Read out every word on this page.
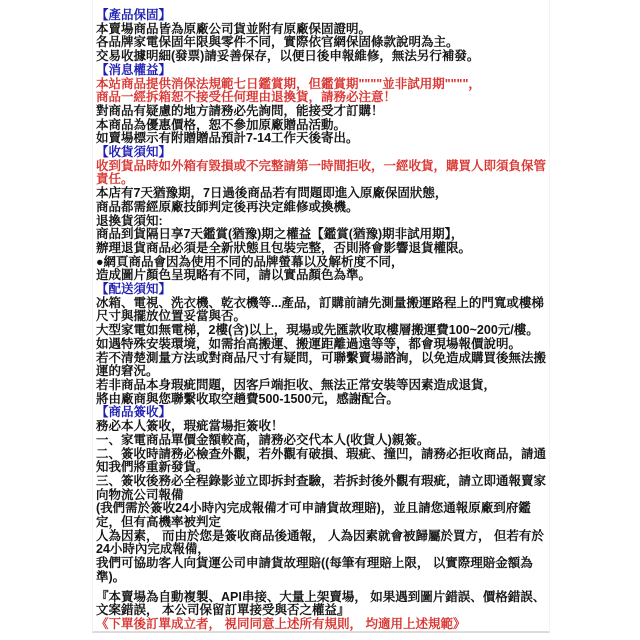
【產品保固】
本賣場商品皆為原廠公司貨並附有原廠保固證明。
各品牌家電保固年限與零件不同，實際依官網保固條款說明為主。
交易收據明細(發票)請妥善保存，以便日後申報維修，無法另行補發。
【消息權益】
本站商品提供消保法規範七日鑑賞期，但鑑賞期""""並非試用期""""，
商品一經拆箱恕不接受任何理由退換貨，請務必注意！
對商品有疑慮的地方請務必先詢問，能接受才訂購！
本商品為優惠價格，恕不參加原廠贈品活動。
如賣場標示有附贈贈品預計7-14工作天後寄出。
【收貨須知】
收到貨品時如外箱有毀損或不完整請第一時間拒收，一經收貨，購買人即須負保管
責任。
本店有7天猶豫期，7日過後商品若有問題即進入原廠保固狀態，
商品都需經原廠技師判定後再決定維修或換機。
退換貨須知:
商品到貨隔日享7天鑑賞(猶豫)期之權益【鑑賞(猶豫)期非試用期】，
辦理退貨商品必須是全新狀態且包裝完整，否則將會影響退貨權限。
●網頁商品會因為使用不同的品牌螢幕以及解析度不同，
造成圖片顏色呈現略有不同，請以實品顏色為準。
【配送須知】
冰箱、電視、洗衣機、乾衣機等...產品，訂購前請先測量搬運路程上的門寬或樓梯
尺寸與擺放位置妥當與否。
大型家電如無電梯，2樓(含)以上，現場或先匯款收取樓層搬運費100~200元/樓。
如遇特殊安裝環境，如需抬高搬運、搬運距離過遠等等，都會現場報價說明。
若不清楚測量方法或對商品尺寸有疑問，可聯繫賣場諮詢，以免造成購買後無法搬
運的窘況。
若非商品本身瑕疵問題，因客戶端拒收、無法正常安裝等因素造成退貨，
將由廠商與您聯繫收取空趟費500-1500元，感謝配合。
【商品簽收】
務必本人簽收，瑕疵當場拒簽收！
一、家電商品單價金額較高，請務必交代本人(收貨人)親簽。
二、簽收時請務必檢查外觀，若外觀有破損、瑕疵、撞凹，請務必拒收商品，請通
知我們將重新發貨。
三、簽收後務必全程錄影並立即拆封查驗，若拆封後外觀有瑕疵，請立即通報賣家
向物流公司報備
(我們需於簽收24小時內完成報備才可申請貨故理賠)，並且請您通報原廠到府鑑
定，但有高機率被判定
人為因素， 而由於您是簽收商品後通報， 人為因素就會被歸屬於買方， 但若有於
24小時內完成報備，
我們可協助客人向貨運公司申請貨故理賠((每筆有理賠上限， 以實際理賠金額為
準)。
『本賣場為自動複製、API串接、大量上架賣場， 如果遇到圖片錯誤、價格錯誤、
文案錯誤， 本公司保留訂單接受與否之權益』
《下單後訂單成立者， 視同同意上述所有規則， 均適用上述規範》
